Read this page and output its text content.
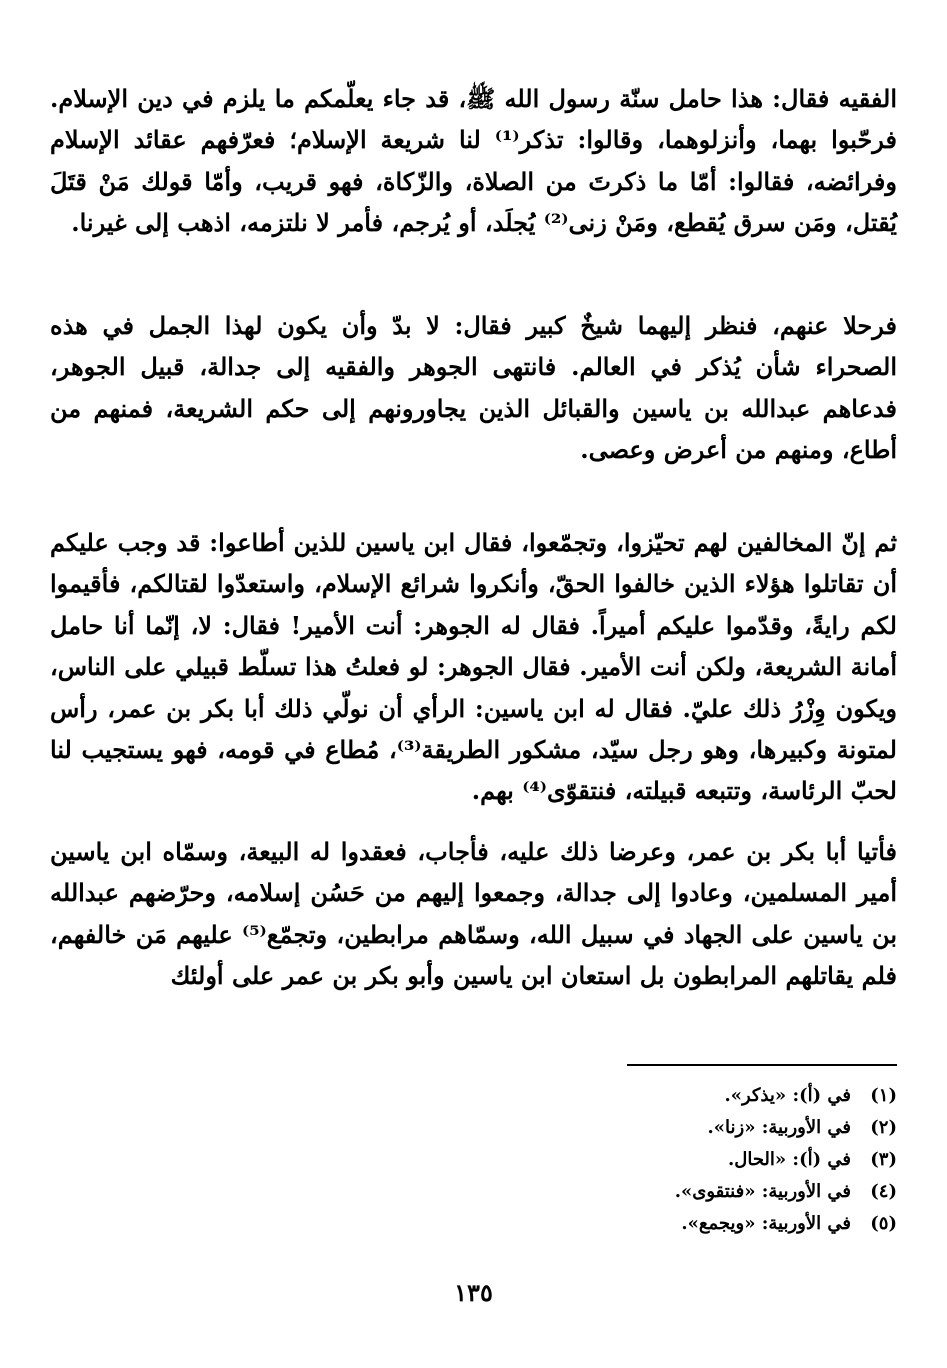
الفقيه فقال: هذا حامل سنّة رسول الله ﷺ، قد جاء يعلّمكم ما يلزم في دين الإسلام. فرحّبوا بهما، وأنزلوهما، وقالوا: تذكر⁽¹⁾ لنا شريعة الإسلام؛ فعرّفهم عقائد الإسلام وفرائضه، فقالوا: أمّا ما ذكرتَ من الصلاة، والزّكاة، فهو قريب، وأمّا قولك مَنْ قتَلَ يُقتل، ومَن سرق يُقطع، ومَنْ زنى⁽²⁾ يُجلَد، أو يُرجم، فأمر لا نلتزمه، اذهب إلى غيرنا.

فرحلا عنهم، فنظر إليهما شيخٌ كبير فقال: لا بدّ وأن يكون لهذا الجمل في هذه الصحراء شأن يُذكر في العالم. فانتهى الجوهر والفقيه إلى جدالة، قبيل الجوهر، فدعاهم عبدالله بن ياسين والقبائل الذين يجاورونهم إلى حكم الشريعة، فمنهم من أطاع، ومنهم من أعرض وعصى.

ثم إنّ المخالفين لهم تحيّزوا، وتجمّعوا، فقال ابن ياسين للذين أطاعوا: قد وجب عليكم أن تقاتلوا هؤلاء الذين خالفوا الحقّ، وأنكروا شرائع الإسلام، واستعدّوا لقتالكم، فأقيموا لكم رايةً، وقدّموا عليكم أميراً. فقال له الجوهر: أنت الأمير! فقال: لا، إنّما أنا حامل أمانة الشريعة، ولكن أنت الأمير. فقال الجوهر: لو فعلتُ هذا تسلّط قبيلي على الناس، ويكون وِزْرُ ذلك عليّ. فقال له ابن ياسين: الرأي أن نولّي ذلك أبا بكر بن عمر، رأس لمتونة وكبيرها، وهو رجل سيّد، مشكور الطريقة⁽³⁾، مُطاع في قومه، فهو يستجيب لنا لحبّ الرئاسة، وتتبعه قبيلته، فنتقوّى⁽⁴⁾ بهم.

فأتيا أبا بكر بن عمر، وعرضا ذلك عليه، فأجاب، فعقدوا له البيعة، وسمّاه ابن ياسين أمير المسلمين، وعادوا إلى جدالة، وجمعوا إليهم من حَسُن إسلامه، وحرّضهم عبدالله بن ياسين على الجهاد في سبيل الله، وسمّاهم مرابطين، وتجمّع⁽⁵⁾ عليهم مَن خالفهم، فلم يقاتلهم المرابطون بل استعان ابن ياسين وأبو بكر بن عمر على أولئك

(١)في (أ): «يذكر».
(٢)في الأوربية: «زنا».
(٣)في (أ): «الحال.
(٤)في الأوربية: «فنتقوى».
(٥)في الأوربية: «ويجمع».
١٣٥
